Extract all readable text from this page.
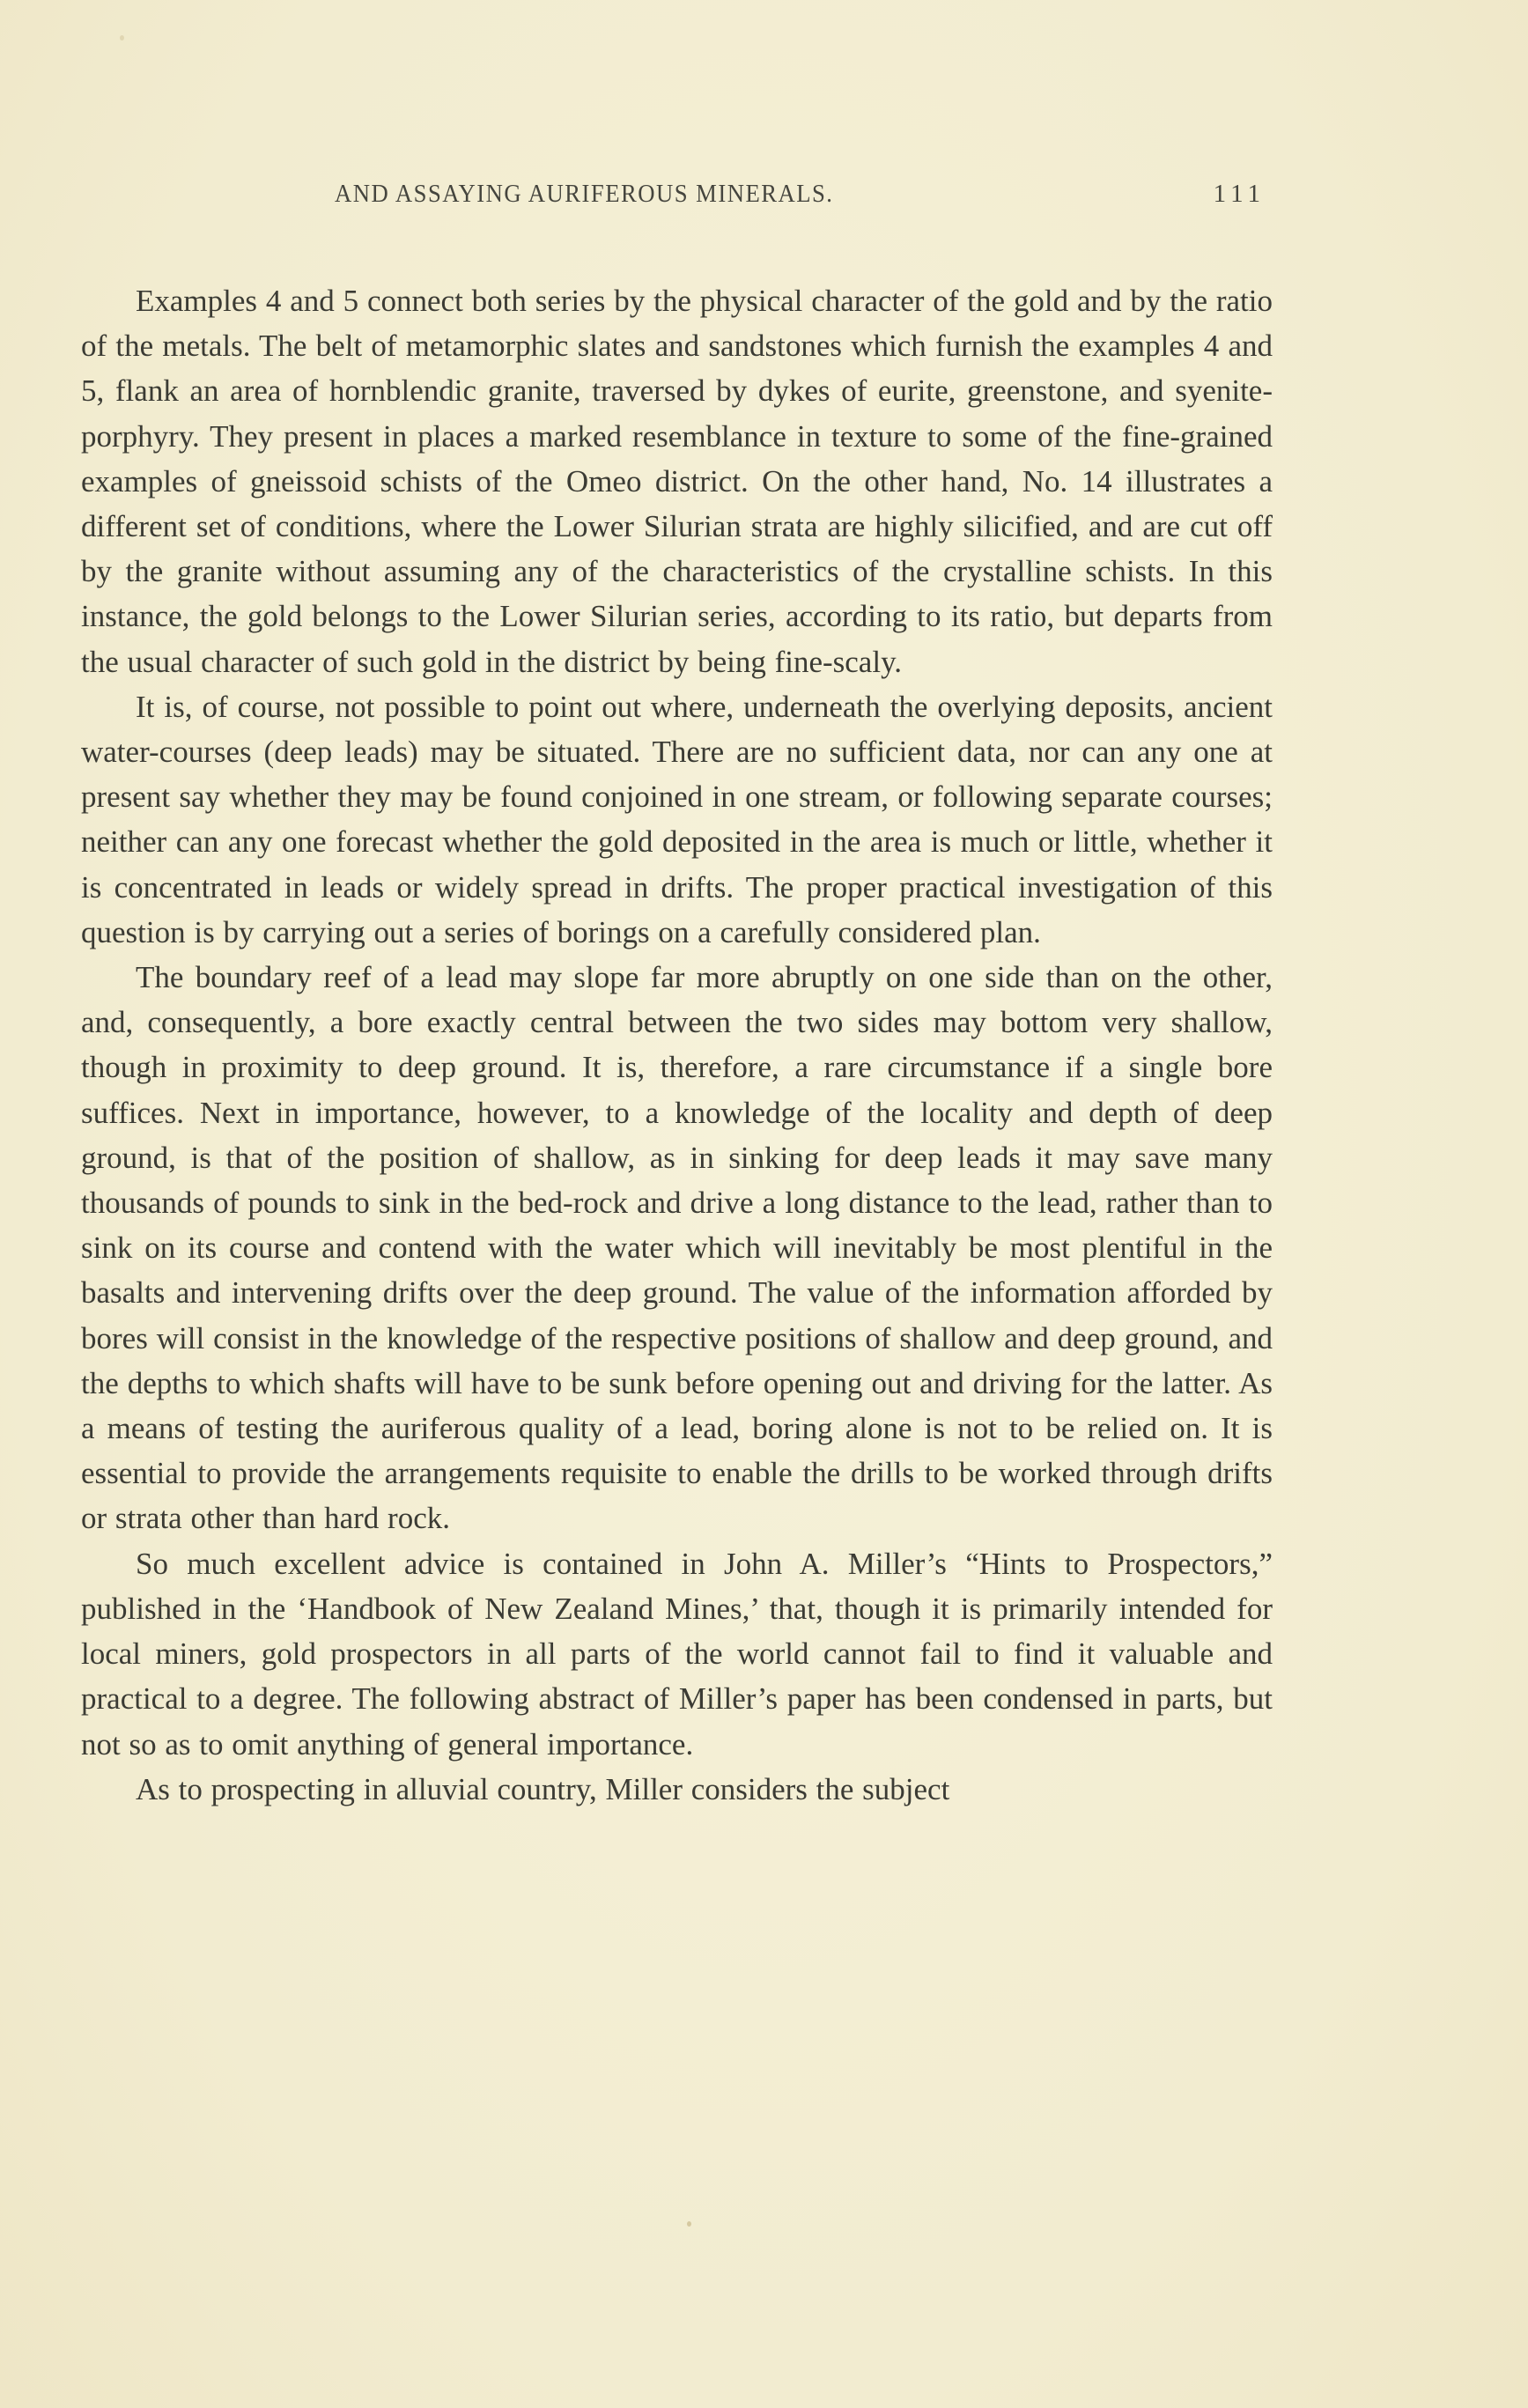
AND ASSAYING AURIFEROUS MINERALS.	111

Examples 4 and 5 connect both series by the physical character of the gold and by the ratio of the metals. The belt of metamorphic slates and sandstones which furnish the examples 4 and 5, flank an area of hornblendic granite, traversed by dykes of eurite, greenstone, and syenite-porphyry. They present in places a marked resemblance in texture to some of the fine-grained examples of gneissoid schists of the Omeo district. On the other hand, No. 14 illustrates a different set of conditions, where the Lower Silurian strata are highly silicified, and are cut off by the granite without assuming any of the characteristics of the crystalline schists. In this instance, the gold belongs to the Lower Silurian series, according to its ratio, but departs from the usual character of such gold in the district by being fine-scaly.

It is, of course, not possible to point out where, underneath the overlying deposits, ancient water-courses (deep leads) may be situated. There are no sufficient data, nor can any one at present say whether they may be found conjoined in one stream, or following separate courses; neither can any one forecast whether the gold deposited in the area is much or little, whether it is concentrated in leads or widely spread in drifts. The proper practical investigation of this question is by carrying out a series of borings on a carefully considered plan.

The boundary reef of a lead may slope far more abruptly on one side than on the other, and, consequently, a bore exactly central between the two sides may bottom very shallow, though in proximity to deep ground. It is, therefore, a rare circumstance if a single bore suffices. Next in importance, however, to a knowledge of the locality and depth of deep ground, is that of the position of shallow, as in sinking for deep leads it may save many thousands of pounds to sink in the bed-rock and drive a long distance to the lead, rather than to sink on its course and contend with the water which will inevitably be most plentiful in the basalts and intervening drifts over the deep ground. The value of the information afforded by bores will consist in the knowledge of the respective positions of shallow and deep ground, and the depths to which shafts will have to be sunk before opening out and driving for the latter. As a means of testing the auriferous quality of a lead, boring alone is not to be relied on. It is essential to provide the arrangements requisite to enable the drills to be worked through drifts or strata other than hard rock.

So much excellent advice is contained in John A. Miller’s “Hints to Prospectors,” published in the ‘Handbook of New Zealand Mines,’ that, though it is primarily intended for local miners, gold prospectors in all parts of the world cannot fail to find it valuable and practical to a degree. The following abstract of Miller’s paper has been condensed in parts, but not so as to omit anything of general importance.

As to prospecting in alluvial country, Miller considers the subject
